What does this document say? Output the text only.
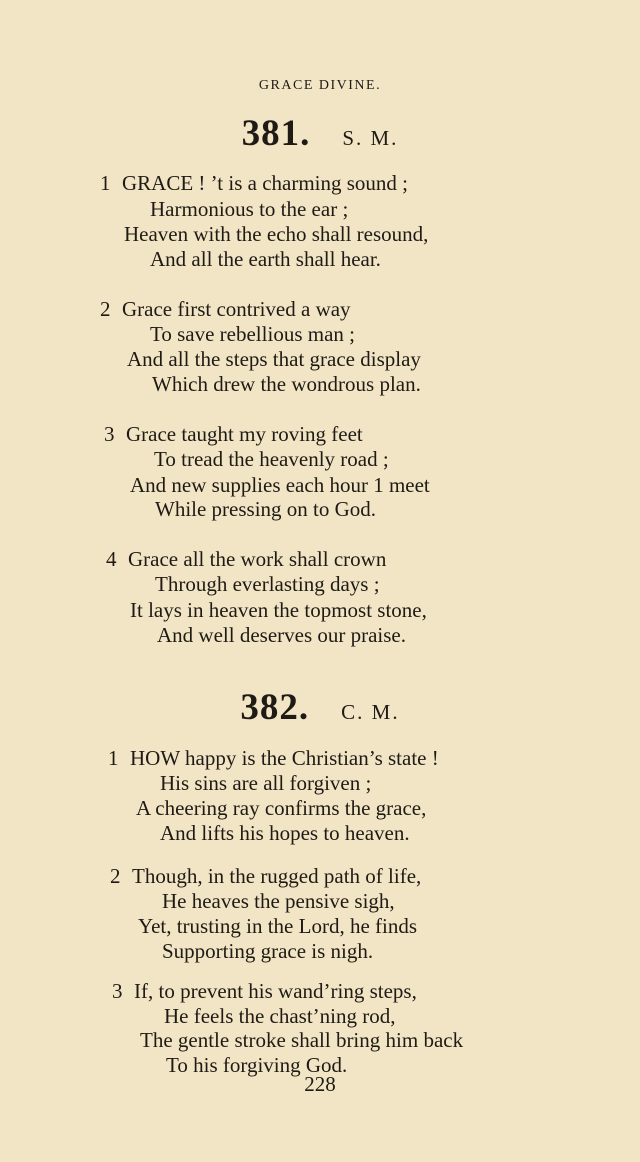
GRACE DIVINE.
381. S. M.
1 GRACE ! ’t is a charming sound ;
Harmonious to the ear ;
Heaven with the echo shall resound,
And all the earth shall hear.
2 Grace first contrived a way
To save rebellious man ;
And all the steps that grace display
Which drew the wondrous plan.
3 Grace taught my roving feet
To tread the heavenly road ;
And new supplies each hour 1 meet
While pressing on to God.
4 Grace all the work shall crown
Through everlasting days ;
It lays in heaven the topmost stone,
And well deserves our praise.
382. C. M.
1 HOW happy is the Christian’s state !
His sins are all forgiven ;
A cheering ray confirms the grace,
And lifts his hopes to heaven.
2 Though, in the rugged path of life,
He heaves the pensive sigh,
Yet, trusting in the Lord, he finds
Supporting grace is nigh.
3 If, to prevent his wand’ring steps,
He feels the chast’ning rod,
The gentle stroke shall bring him back
To his forgiving God.
228
